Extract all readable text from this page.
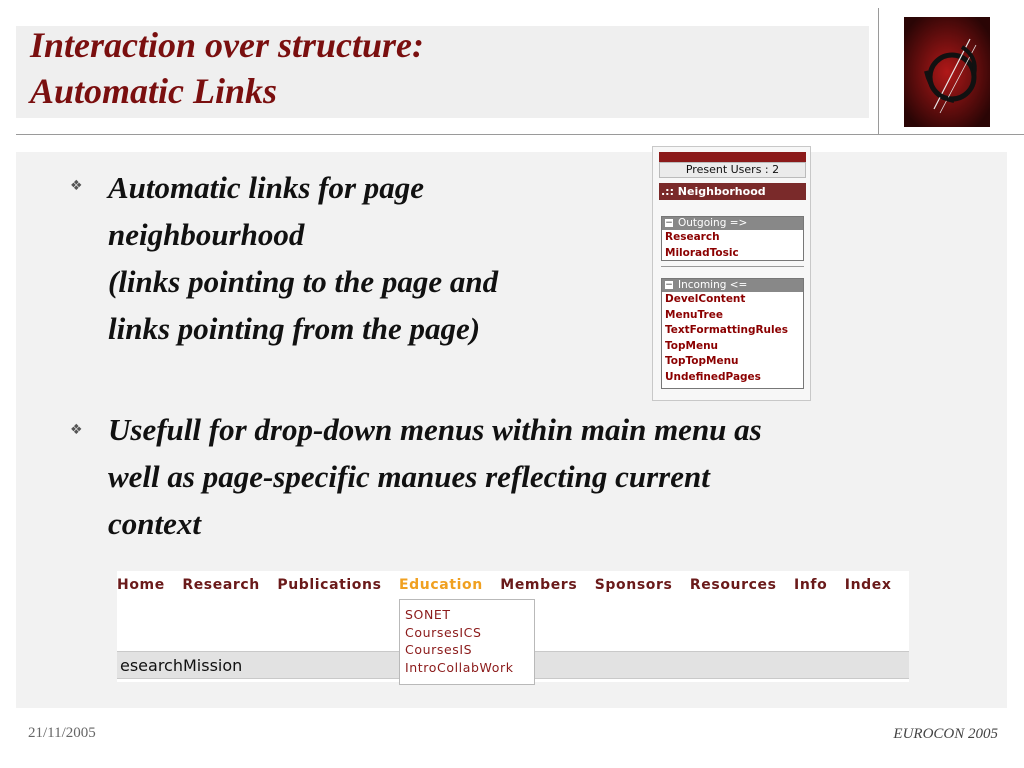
Interaction over structure:
Automatic Links
❖ Automatic links for page
neighbourhood
(links pointing to the page and
links pointing from the page)
❖ Usefull for drop-down menus within main menu as
well as page-specific manues reflecting current
context
Present Users : 2
.:: Neighborhood
− Outgoing =>
Research
MiloradTosic
− Incoming <=
DevelContent
MenuTree
TextFormattingRules
TopMenu
TopTopMenu
UndefinedPages
Home Research Publications Education Members Sponsors Resources Info Index
esearchMission
SONET
CoursesICS
CoursesIS
IntroCollabWork
21/11/2005	EUROCON 2005
